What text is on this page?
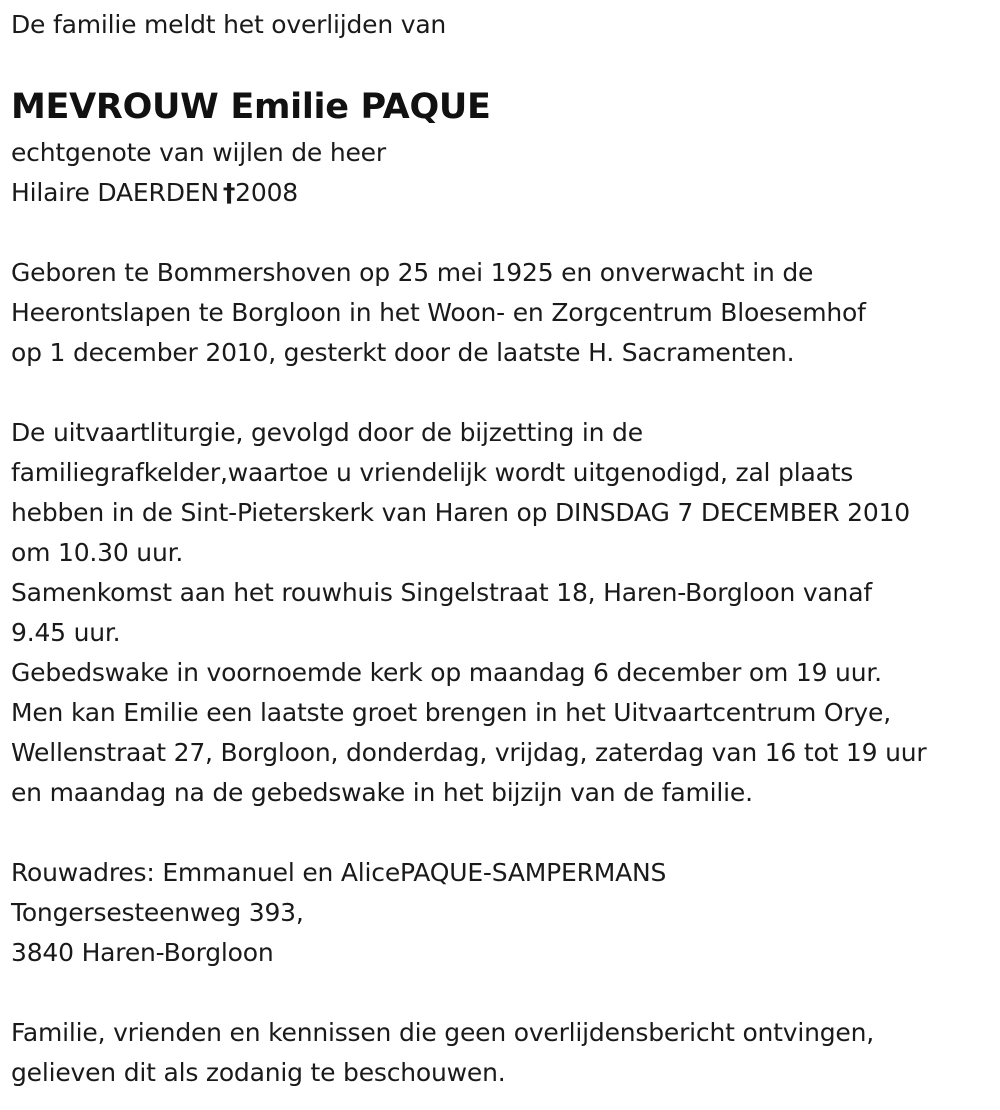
De familie meldt het overlijden van
MEVROUW Emilie PAQUE
echtgenote van wijlen de heer
Hilaire DAERDEN †2008
Geboren te Bommershoven op 25 mei 1925 en onverwacht in de
Heerontslapen te Borgloon in het Woon- en Zorgcentrum Bloesemhof
op 1 december 2010, gesterkt door de laatste H. Sacramenten.
De uitvaartliturgie, gevolgd door de bijzetting in de
familiegrafkelder,waartoe u vriendelijk wordt uitgenodigd, zal plaats
hebben in de Sint-Pieterskerk van Haren op DINSDAG 7 DECEMBER 2010
om 10.30 uur.
Samenkomst aan het rouwhuis Singelstraat 18, Haren-Borgloon vanaf
9.45 uur.
Gebedswake in voornoemde kerk op maandag 6 december om 19 uur.
Men kan Emilie een laatste groet brengen in het Uitvaartcentrum Orye,
Wellenstraat 27, Borgloon, donderdag, vrijdag, zaterdag van 16 tot 19 uur
en maandag na de gebedswake in het bijzijn van de familie.
Rouwadres: Emmanuel en AlicePAQUE-SAMPERMANS
Tongersesteenweg 393,
3840 Haren-Borgloon
Familie, vrienden en kennissen die geen overlijdensbericht ontvingen,
gelieven dit als zodanig te beschouwen.
